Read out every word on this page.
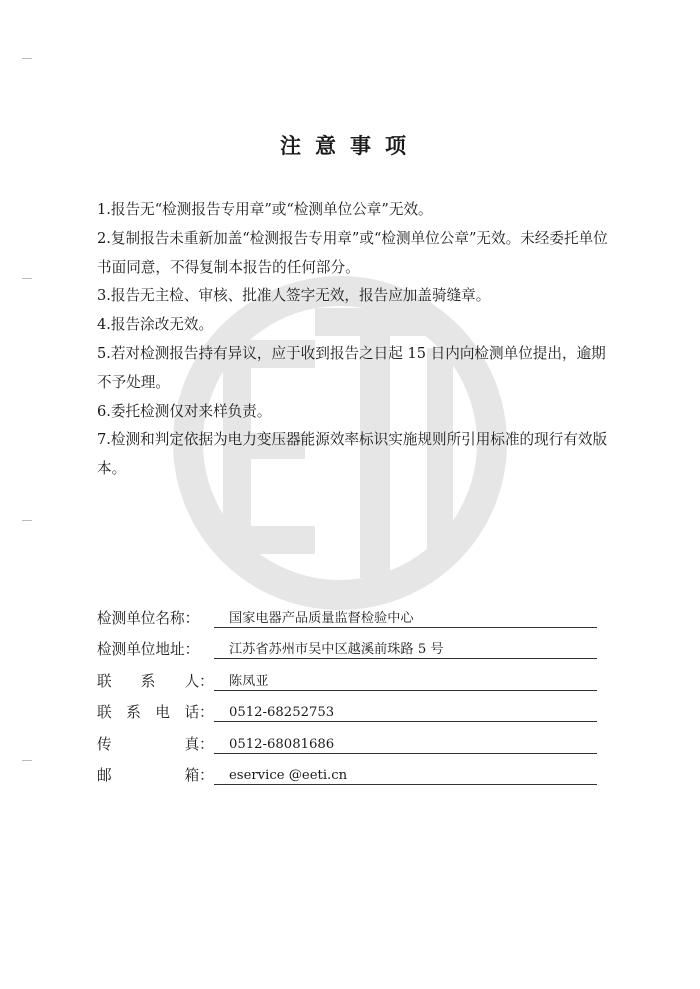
注意事项

1.报告无“检测报告专用章”或“检测单位公章”无效。

2.复制报告未重新加盖“检测报告专用章”或“检测单位公章”无效。未经委托单位书面同意，不得复制本报告的任何部分。

3.报告无主检、审核、批准人签字无效，报告应加盖骑缝章。

4.报告涂改无效。

5.若对检测报告持有异议，应于收到报告之日起 15 日内向检测单位提出，逾期不予处理。

6.委托检测仅对来样负责。

7.检测和判定依据为电力变压器能源效率标识实施规则所引用标准的现行有效版本。

检测单位名称：	国家电器产品质量监督检验中心
检测单位地址：	江苏省苏州市吴中区越溪前珠路 5 号
联　　系　　人：	陈凤亚
联　系　电　话：	0512-68252753
传　　　　　真：	0512-68081686
邮　　　　　箱：	eservice @eeti.cn
